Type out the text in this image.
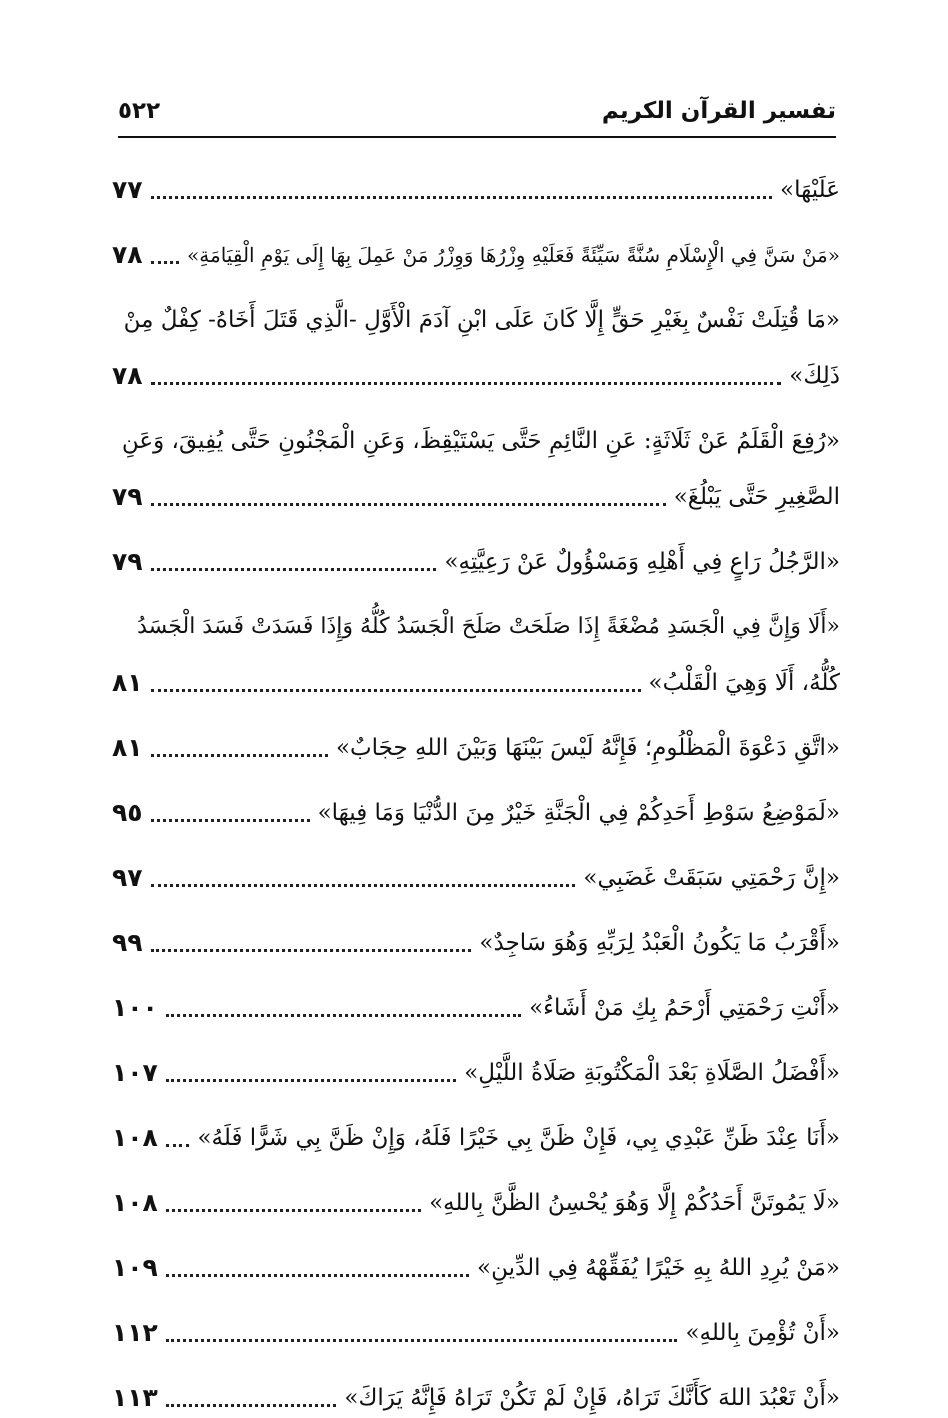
تفسير القرآن الكريم
٥٢٢
عَلَيْهَا»
٧٧
«مَنْ سَنَّ فِي الْإِسْلَامِ سُنَّةً سَيِّئَةً فَعَلَيْهِ وِزْرُهَا وَوِزْرُ مَنْ عَمِلَ بِهَا إِلَى يَوْمِ الْقِيَامَةِ»
٧٨
«مَا قُتِلَتْ نَفْسٌ بِغَيْرِ حَقٍّ إِلَّا كَانَ عَلَى ابْنِ آدَمَ الْأَوَّلِ -الَّذِي قَتَلَ أَخَاهُ- كِفْلٌ مِنْ
ذَلِكَ»
٧٨
«رُفِعَ الْقَلَمُ عَنْ ثَلَاثَةٍ: عَنِ النَّائِمِ حَتَّى يَسْتَيْقِظَ، وَعَنِ الْمَجْنُونِ حَتَّى يُفِيقَ، وَعَنِ
الصَّغِيرِ حَتَّى يَبْلُغَ»
٧٩
«الرَّجُلُ رَاعٍ فِي أَهْلِهِ وَمَسْؤُولٌ عَنْ رَعِيَّتِهِ»
٧٩
«أَلَا وَإِنَّ فِي الْجَسَدِ مُضْغَةً إِذَا صَلَحَتْ صَلَحَ الْجَسَدُ كُلُّهُ وَإِذَا فَسَدَتْ فَسَدَ الْجَسَدُ
كُلُّهُ، أَلَا وَهِيَ الْقَلْبُ»
٨١
«اتَّقِ دَعْوَةَ الْمَظْلُومِ؛ فَإِنَّهُ لَيْسَ بَيْنَهَا وَبَيْنَ اللهِ حِجَابٌ»
٨١
«لَمَوْضِعُ سَوْطِ أَحَدِكُمْ فِي الْجَنَّةِ خَيْرٌ مِنَ الدُّنْيَا وَمَا فِيهَا»
٩٥
«إِنَّ رَحْمَتِي سَبَقَتْ غَضَبِي»
٩٧
«أَقْرَبُ مَا يَكُونُ الْعَبْدُ لِرَبِّهِ وَهُوَ سَاجِدٌ»
٩٩
«أَنْتِ رَحْمَتِي أَرْحَمُ بِكِ مَنْ أَشَاءُ»
١٠٠
«أَفْضَلُ الصَّلَاةِ بَعْدَ الْمَكْتُوبَةِ صَلَاةُ اللَّيْلِ»
١٠٧
«أَنَا عِنْدَ ظَنِّ عَبْدِي بِي، فَإِنْ ظَنَّ بِي خَيْرًا فَلَهُ، وَإِنْ ظَنَّ بِي شَرًّا فَلَهُ»
١٠٨
«لَا يَمُوتَنَّ أَحَدُكُمْ إِلَّا وَهُوَ يُحْسِنُ الظَّنَّ بِاللهِ»
١٠٨
«مَنْ يُرِدِ اللهُ بِهِ خَيْرًا يُفَقِّهْهُ فِي الدِّينِ»
١٠٩
«أَنْ تُؤْمِنَ بِاللهِ»
١١٢
«أَنْ تَعْبُدَ اللهَ كَأَنَّكَ تَرَاهُ، فَإِنْ لَمْ تَكُنْ تَرَاهُ فَإِنَّهُ يَرَاكَ»
١١٣
